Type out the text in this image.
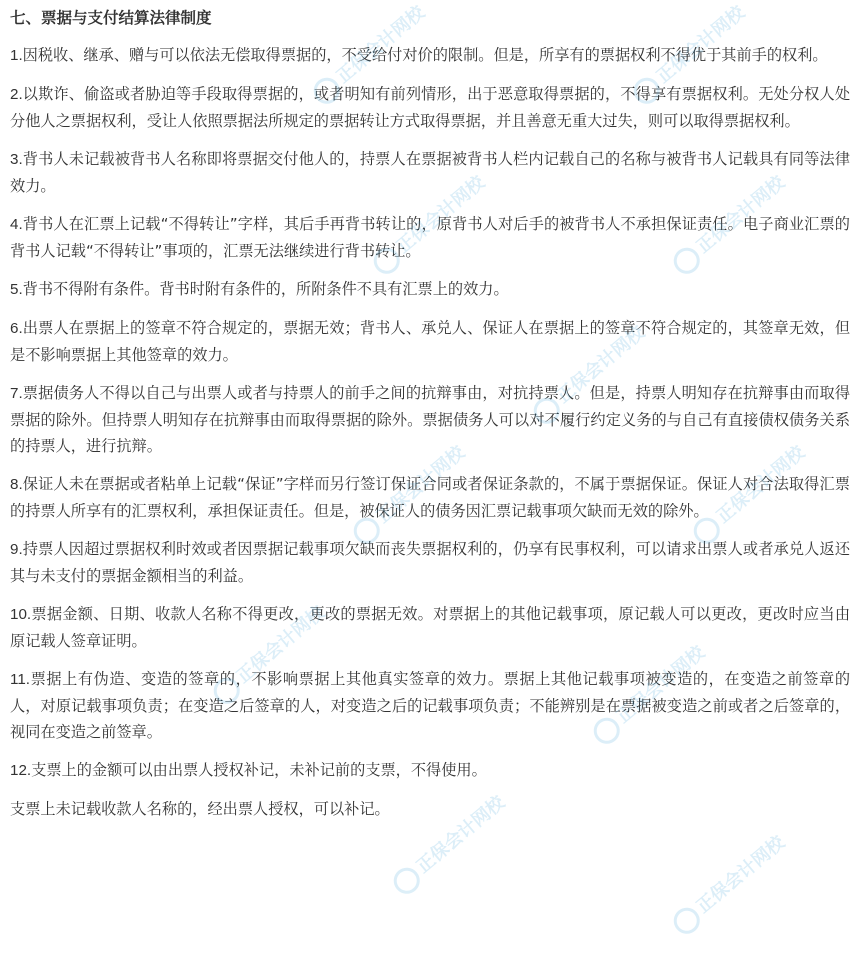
七、票据与支付结算法律制度
1.因税收、继承、赠与可以依法无偿取得票据的，不受给付对价的限制。但是，所享有的票据权利不得优于其前手的权利。
2.以欺诈、偷盗或者胁迫等手段取得票据的，或者明知有前列情形，出于恶意取得票据的，不得享有票据权利。无处分权人处分他人之票据权利，受让人依照票据法所规定的票据转让方式取得票据，并且善意无重大过失，则可以取得票据权利。
3.背书人未记载被背书人名称即将票据交付他人的，持票人在票据被背书人栏内记载自己的名称与被背书人记载具有同等法律效力。
4.背书人在汇票上记载“不得转让”字样，其后手再背书转让的，原背书人对后手的被背书人不承担保证责任。电子商业汇票的背书人记载“不得转让”事项的，汇票无法继续进行背书转让。
5.背书不得附有条件。背书时附有条件的，所附条件不具有汇票上的效力。
6.出票人在票据上的签章不符合规定的，票据无效；背书人、承兑人、保证人在票据上的签章不符合规定的，其签章无效，但是不影响票据上其他签章的效力。
7.票据债务人不得以自己与出票人或者与持票人的前手之间的抗辩事由，对抗持票人。但是，持票人明知存在抗辩事由而取得票据的除外。但持票人明知存在抗辩事由而取得票据的除外。票据债务人可以对不履行约定义务的与自己有直接债权债务关系的持票人，进行抗辩。
8.保证人未在票据或者粘单上记载“保证”字样而另行签订保证合同或者保证条款的，不属于票据保证。保证人对合法取得汇票的持票人所享有的汇票权利，承担保证责任。但是，被保证人的债务因汇票记载事项欠缺而无效的除外。
9.持票人因超过票据权利时效或者因票据记载事项欠缺而丧失票据权利的，仍享有民事权利，可以请求出票人或者承兑人返还其与未支付的票据金额相当的利益。
10.票据金额、日期、收款人名称不得更改，更改的票据无效。对票据上的其他记载事项，原记载人可以更改，更改时应当由原记载人签章证明。
11.票据上有伪造、变造的签章的，不影响票据上其他真实签章的效力。票据上其他记载事项被变造的，在变造之前签章的人，对原记载事项负责；在变造之后签章的人，对变造之后的记载事项负责；不能辨别是在票据被变造之前或者之后签章的，视同在变造之前签章。
12.支票上的金额可以由出票人授权补记，未补记前的支票，不得使用。
支票上未记载收款人名称的，经出票人授权，可以补记。
正保会计网校	正保会计网校
正保会计网校	正保会计网校
正保会计网校
正保会计网校	正保会计网校
正保会计网校	正保会计网校
正保会计网校	正保会计网校
